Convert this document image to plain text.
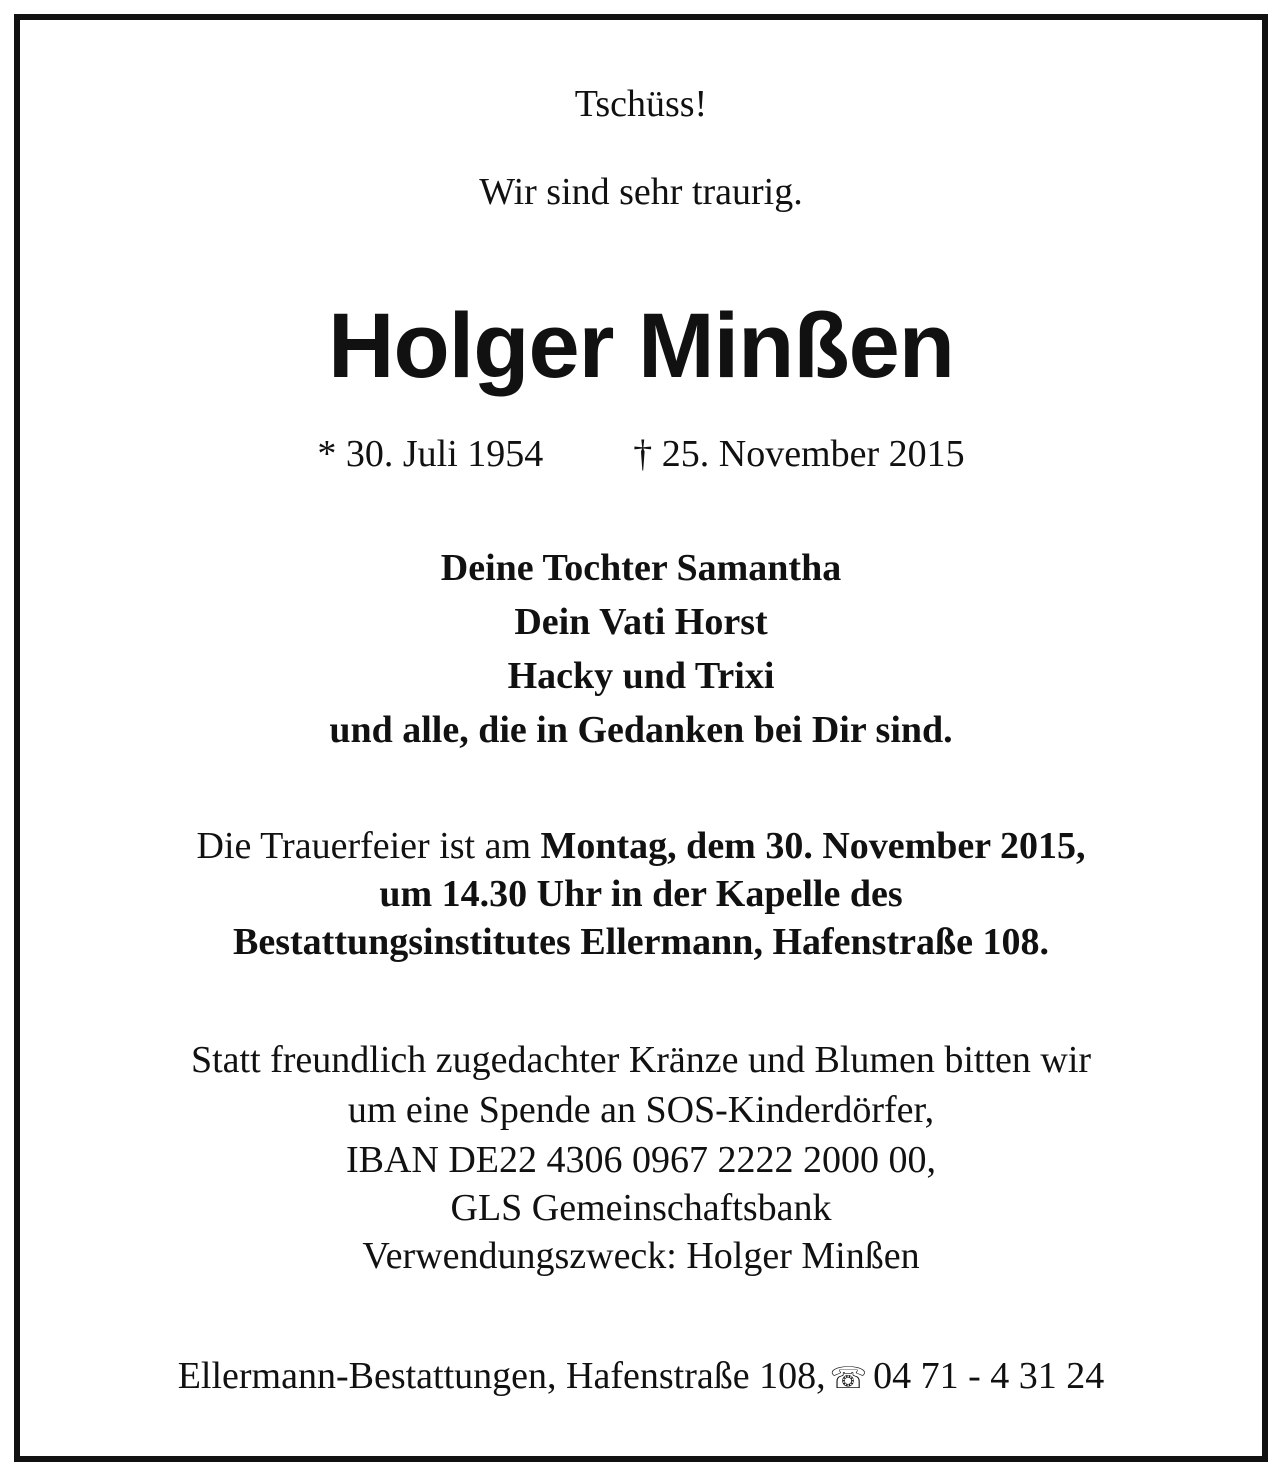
Tschüss!
Wir sind sehr traurig.
Holger Minßen
* 30. Juli 1954 † 25. November 2015
Deine Tochter Samantha
Dein Vati Horst
Hacky und Trixi
und alle, die in Gedanken bei Dir sind.
Die Trauerfeier ist am Montag, dem 30. November 2015,
um 14.30 Uhr in der Kapelle des
Bestattungsinstitutes Ellermann, Hafenstraße 108.
Statt freundlich zugedachter Kränze und Blumen bitten wir
um eine Spende an SOS-Kinderdörfer,
IBAN DE22 4306 0967 2222 2000 00,
GLS Gemeinschaftsbank
Verwendungszweck: Holger Minßen
Ellermann-Bestattungen, Hafenstraße 108, ☏ 04 71 - 4 31 24
